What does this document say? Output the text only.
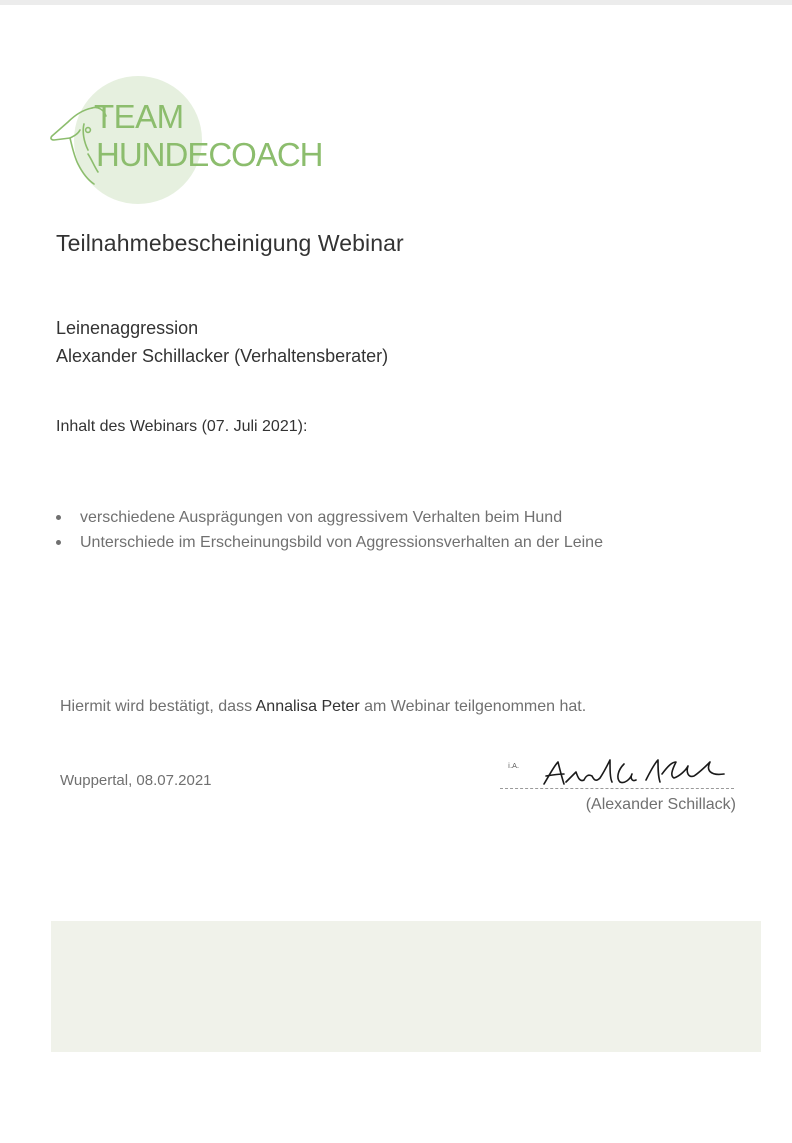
TEAM

HUNDECOACH

Teilnahmebescheinigung Webinar
Leinenaggression
Alexander Schillacker (Verhaltensberater)

Inhalt des Webinars (07. Juli 2021):

verschiedene Ausprägungen von aggressivem Verhalten beim Hund
Unterschiede im Erscheinungsbild von Aggressionsverhalten an der Leine

Hiermit wird bestätigt, dass Annalisa Peter am Webinar teilgenommen hat.

Wuppertal, 08.07.2021

i.A.

(Alexander Schillack)
